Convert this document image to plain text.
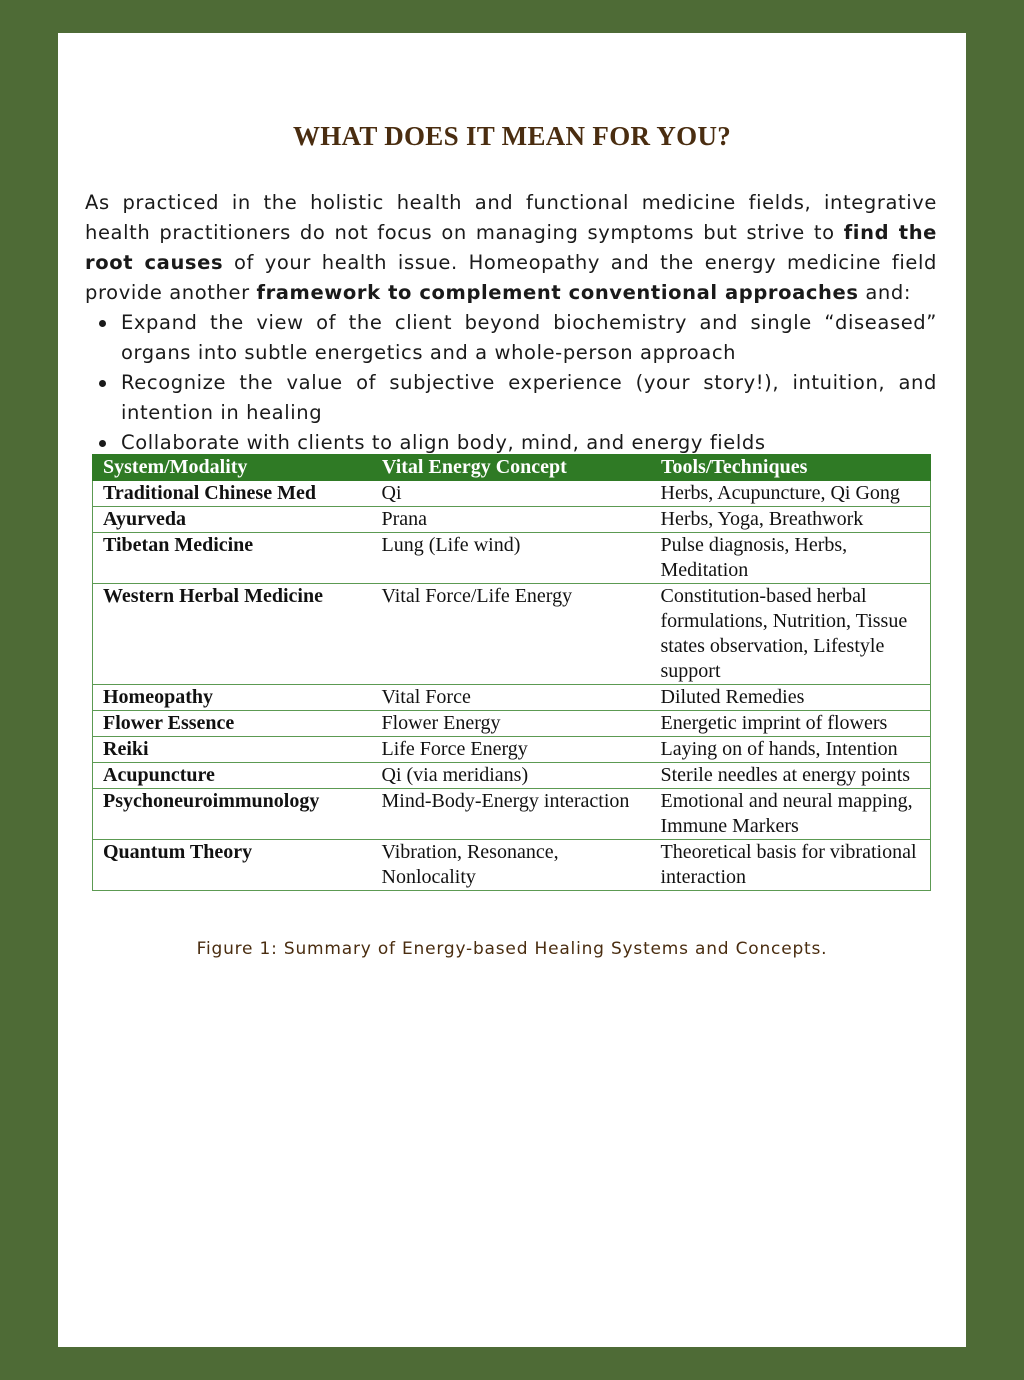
WHAT DOES IT MEAN FOR YOU?

As practiced in the holistic health and functional medicine fields, integrative health practitioners do not focus on managing symptoms but strive to find the root causes of your health issue. Homeopathy and the energy medicine field provide another framework to complement conventional approaches and:

Expand the view of the client beyond biochemistry and single “diseased” organs into subtle energetics and a whole-person approach
Recognize the value of subjective experience (your story!), intuition, and intention in healing
Collaborate with clients to align body, mind, and energy fields
System/Modality	Vital Energy Concept	Tools/Techniques
Traditional Chinese Med	Qi	Herbs, Acupuncture, Qi Gong
Ayurveda	Prana	Herbs, Yoga, Breathwork
Tibetan Medicine	Lung (Life wind)	Pulse diagnosis, Herbs, Meditation
Western Herbal Medicine	Vital Force/Life Energy	Constitution-based herbal formulations, Nutrition, Tissue states observation, Lifestyle support
Homeopathy	Vital Force	Diluted Remedies
Flower Essence	Flower Energy	Energetic imprint of flowers
Reiki	Life Force Energy	Laying on of hands, Intention
Acupuncture	Qi (via meridians)	Sterile needles at energy points
Psychoneuroimmunology	Mind-Body-Energy interaction	Emotional and neural mapping, Immune Markers
Quantum Theory	Vibration, Resonance, Nonlocality	Theoretical basis for vibrational interaction

Figure 1: Summary of Energy-based Healing Systems and Concepts.
